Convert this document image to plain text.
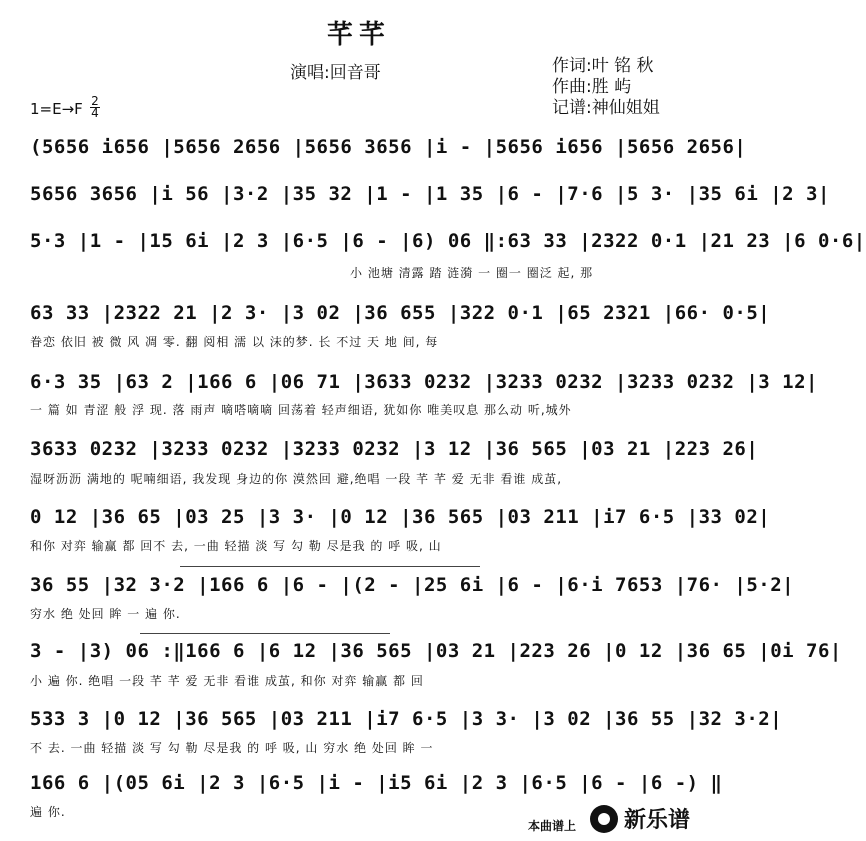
芊芊
演唱:回音哥	作词:叶 铭 秋
作曲:胜 屿
记谱:神仙姐姐
$1=E\to F \frac{2}{4}$
(5656 i656 |5656 2656 |5656 3656 |i - |5656 i656 |5656 2656|
5656 3656 |i 56 |3·2 |35 32 |1 - |1 35 |6 - |7·6 |5 3· |35 6i |2 3|
5·3 |1 - |15 6i |2 3 |6·5 |6 - |6) 06 ‖:63 33 |2322 0·1 |21 23 |6 0·6|
小 池塘 清露 踏 涟漪 一 圈一 圈泛 起, 那
63 33 |2322 21 |2 3· |3 02 |36 655 |322 0·1 |65 2321 |66· 0·5|
眷恋 依旧 被 微 风 凋 零. 翻 阅相 濡 以 沫的梦. 长 不过 天 地 间, 每
6·3 35 |63 2 |166 6 |06 71 |3633 0232 |3233 0232 |3233 0232 |3 12|
一 篇 如 青涩 般 浮 现. 落 雨声 嘀嗒嘀嘀 回荡着 轻声细语, 犹如你 唯美叹息 那么动 听,城外
3633 0232 |3233 0232 |3233 0232 |3 12 |36 565 |03 21 |223 26|
湿呀沥沥 满地的 呢喃细语, 我发现 身边的你 漠然回 避,绝唱 一段 芊 芊 爱 无非 看谁 成茧,
0 12 |36 65 |03 25 |3 3· |0 12 |36 565 |03 211 |i7 6·5 |33 02|
和你 对弈 输赢 都 回不 去, 一曲 轻描 淡 写 勾 勒 尽是我 的 呼 吸, 山
36 55 |32 3·2 |166 6 |6 - |(2 - |25 6i |6 - |6·i 7653 |76· |5·2|
穷水 绝 处回 眸 一 遍 你.
3 - |3) 06 :‖166 6 |6 12 |36 565 |03 21 |223 26 |0 12 |36 65 |0i 76|
小 遍 你. 绝唱 一段 芊 芊 爱 无非 看谁 成茧, 和你 对弈 输赢 都 回
533 3 |0 12 |36 565 |03 211 |i7 6·5 |3 3· |3 02 |36 55 |32 3·2|
不 去. 一曲 轻描 淡 写 勾 勒 尽是我 的 呼 吸, 山 穷水 绝 处回 眸 一
166 6 |(05 6i |2 3 |6·5 |i - |i5 6i |2 3 |6·5 |6 - |6 -) ‖
遍 你.
本曲谱上 新乐谱
